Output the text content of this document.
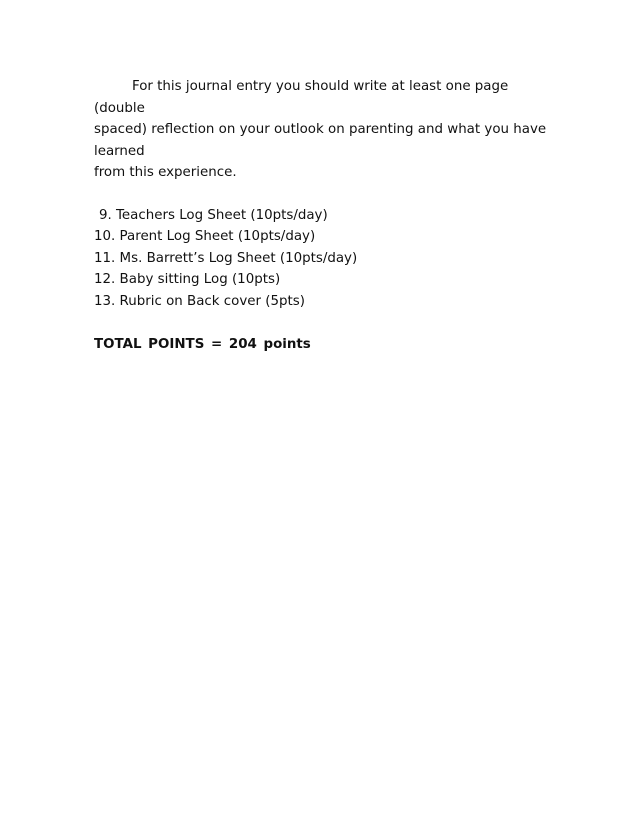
For this journal entry you should write at least one page (double
spaced) reflection on your outlook on parenting and what you have learned
from this experience.

9. Teachers Log Sheet (10pts/day)
10. Parent Log Sheet (10pts/day)
11. Ms. Barrett’s Log Sheet (10pts/day)
12. Baby sitting Log (10pts)
13. Rubric on Back cover (5pts)

TOTAL POINTS = 204 points
